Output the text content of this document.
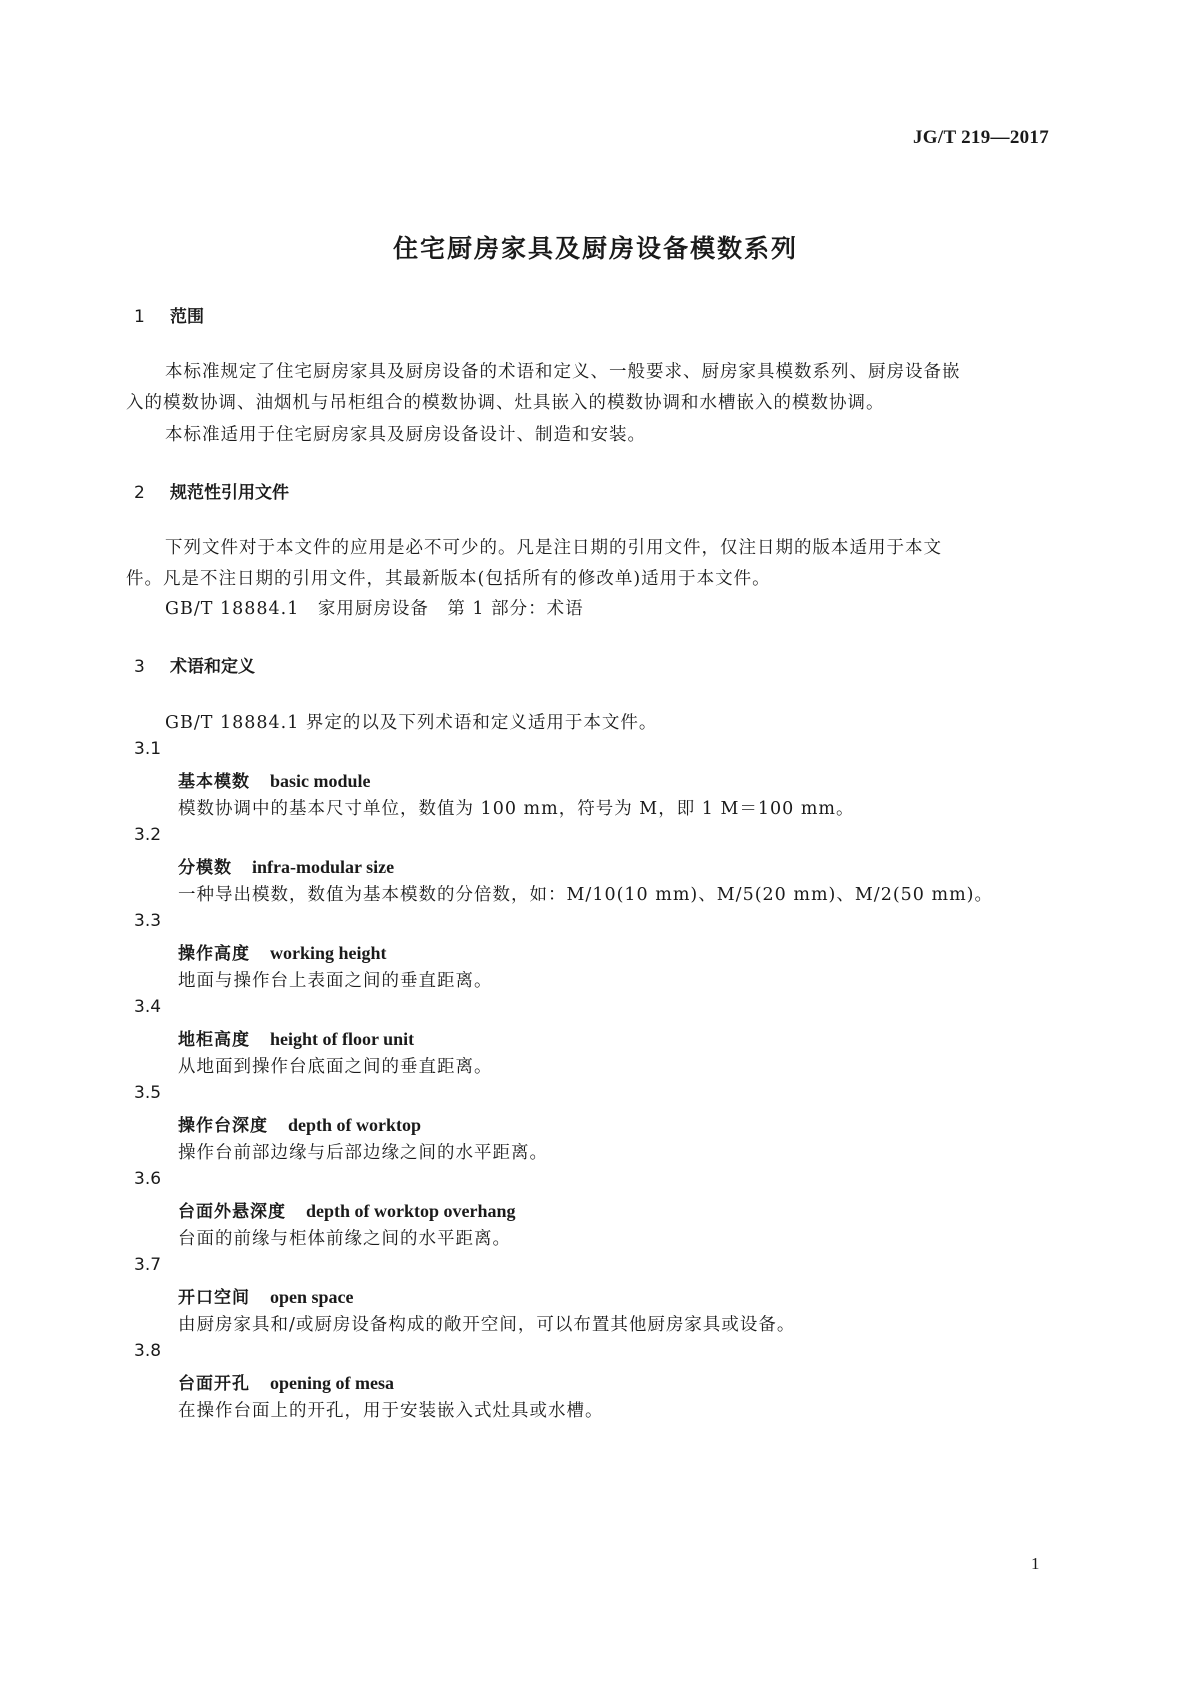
JG/T 219—2017
住宅厨房家具及厨房设备模数系列
1 范围
本标准规定了住宅厨房家具及厨房设备的术语和定义、一般要求、厨房家具模数系列、厨房设备嵌
入的模数协调、油烟机与吊柜组合的模数协调、灶具嵌入的模数协调和水槽嵌入的模数协调。
本标准适用于住宅厨房家具及厨房设备设计、制造和安装。
2 规范性引用文件
下列文件对于本文件的应用是必不可少的。凡是注日期的引用文件，仅注日期的版本适用于本文
件。凡是不注日期的引用文件，其最新版本(包括所有的修改单)适用于本文件。
GB/T 18884.1　家用厨房设备　第 1 部分：术语
3 术语和定义
GB/T 18884.1 界定的以及下列术语和定义适用于本文件。
3.1
基本模数 basic module
模数协调中的基本尺寸单位，数值为 100 mm，符号为 M，即 1 M＝100 mm。
3.2
分模数 infra-modular size
一种导出模数，数值为基本模数的分倍数，如：M/10(10 mm)、M/5(20 mm)、M/2(50 mm)。
3.3
操作高度 working height
地面与操作台上表面之间的垂直距离。
3.4
地柜高度 height of floor unit
从地面到操作台底面之间的垂直距离。
3.5
操作台深度 depth of worktop
操作台前部边缘与后部边缘之间的水平距离。
3.6
台面外悬深度 depth of worktop overhang
台面的前缘与柜体前缘之间的水平距离。
3.7
开口空间 open space
由厨房家具和/或厨房设备构成的敞开空间，可以布置其他厨房家具或设备。
3.8
台面开孔 opening of mesa
在操作台面上的开孔，用于安装嵌入式灶具或水槽。
1
